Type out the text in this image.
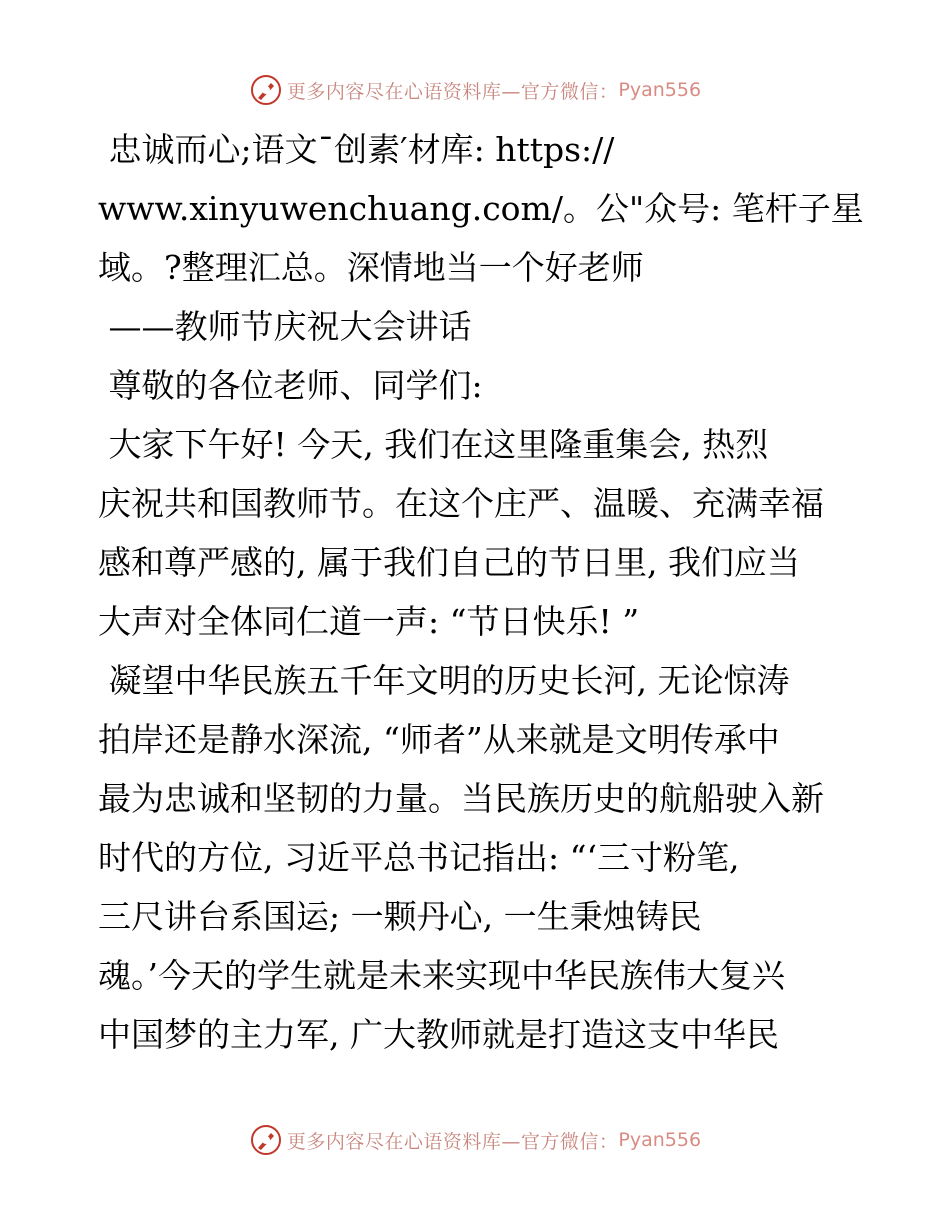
更多内容尽在心语资料库—官方微信： Pyan556
忠诚而心;语文¯创素′材库: https://
www.xinyuwenchuang.com/。公"众号: 笔杆子星
域。?整理汇总。深情地当一个好老师
——教师节庆祝大会讲话
尊敬的各位老师、同学们:
大家下午好! 今天, 我们在这里隆重集会, 热烈
庆祝共和国教师节。在这个庄严、温暖、充满幸福
感和尊严感的, 属于我们自己的节日里, 我们应当
大声对全体同仁道一声: “节日快乐! ”
凝望中华民族五千年文明的历史长河, 无论惊涛
拍岸还是静水深流, “师者”从来就是文明传承中
最为忠诚和坚韧的力量。当民族历史的航船驶入新
时代的方位, 习近平总书记指出: “‘三寸粉笔,
三尺讲台系国运; 一颗丹心, 一生秉烛铸民
魂。’今天的学生就是未来实现中华民族伟大复兴
中国梦的主力军, 广大教师就是打造这支中华民
更多内容尽在心语资料库—官方微信： Pyan556
